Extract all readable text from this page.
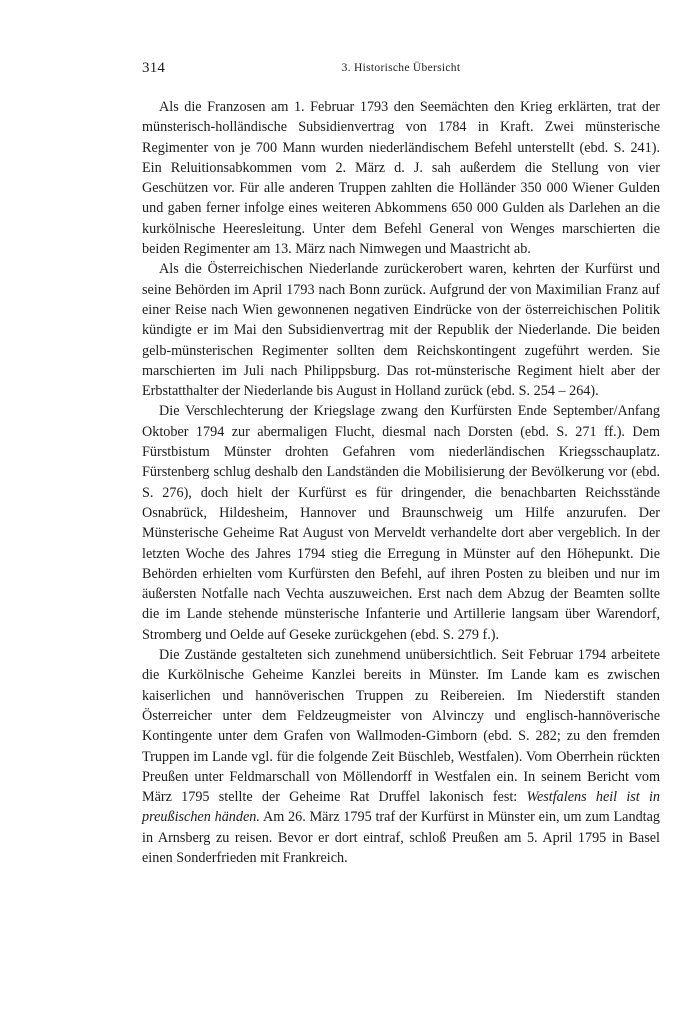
314	3. Historische Übersicht

Als die Franzosen am 1. Februar 1793 den Seemächten den Krieg erklärten, trat der münsterisch-holländische Subsidienvertrag von 1784 in Kraft. Zwei münsterische Regimenter von je 700 Mann wurden niederländischem Befehl unterstellt (ebd. S. 241). Ein Reluitionsabkommen vom 2. März d. J. sah außerdem die Stellung von vier Geschützen vor. Für alle anderen Truppen zahlten die Holländer 350 000 Wiener Gulden und gaben ferner infolge eines weiteren Abkommens 650 000 Gulden als Darlehen an die kurkölnische Heeresleitung. Unter dem Befehl General von Wenges marschierten die beiden Regimenter am 13. März nach Nimwegen und Maastricht ab.

Als die Österreichischen Niederlande zurückerobert waren, kehrten der Kurfürst und seine Behörden im April 1793 nach Bonn zurück. Aufgrund der von Maximilian Franz auf einer Reise nach Wien gewonnenen negativen Eindrücke von der österreichischen Politik kündigte er im Mai den Subsidienvertrag mit der Republik der Niederlande. Die beiden gelb-münsterischen Regimenter sollten dem Reichskontingent zugeführt werden. Sie marschierten im Juli nach Philippsburg. Das rot-münsterische Regiment hielt aber der Erbstatthalter der Niederlande bis August in Holland zurück (ebd. S. 254 – 264).

Die Verschlechterung der Kriegslage zwang den Kurfürsten Ende September/Anfang Oktober 1794 zur abermaligen Flucht, diesmal nach Dorsten (ebd. S. 271 ff.). Dem Fürstbistum Münster drohten Gefahren vom niederländischen Kriegsschauplatz. Fürstenberg schlug deshalb den Landständen die Mobilisierung der Bevölkerung vor (ebd. S. 276), doch hielt der Kurfürst es für dringender, die benachbarten Reichsstände Osnabrück, Hildesheim, Hannover und Braunschweig um Hilfe anzurufen. Der Münsterische Geheime Rat August von Merveldt verhandelte dort aber vergeblich. In der letzten Woche des Jahres 1794 stieg die Erregung in Münster auf den Höhepunkt. Die Behörden erhielten vom Kurfürsten den Befehl, auf ihren Posten zu bleiben und nur im äußersten Notfalle nach Vechta auszuweichen. Erst nach dem Abzug der Beamten sollte die im Lande stehende münsterische Infanterie und Artillerie langsam über Warendorf, Stromberg und Oelde auf Geseke zurückgehen (ebd. S. 279 f.).

Die Zustände gestalteten sich zunehmend unübersichtlich. Seit Februar 1794 arbeitete die Kurkölnische Geheime Kanzlei bereits in Münster. Im Lande kam es zwischen kaiserlichen und hannöverischen Truppen zu Reibereien. Im Niederstift standen Österreicher unter dem Feldzeugmeister von Alvinczy und englisch-hannöverische Kontingente unter dem Grafen von Wallmoden-Gimborn (ebd. S. 282; zu den fremden Truppen im Lande vgl. für die folgende Zeit Büschleb, Westfalen). Vom Oberrhein rückten Preußen unter Feldmarschall von Möllendorff in Westfalen ein. In seinem Bericht vom März 1795 stellte der Geheime Rat Druffel lakonisch fest: Westfalens heil ist in preußischen händen. Am 26. März 1795 traf der Kurfürst in Münster ein, um zum Landtag in Arnsberg zu reisen. Bevor er dort eintraf, schloß Preußen am 5. April 1795 in Basel einen Sonderfrieden mit Frankreich.
